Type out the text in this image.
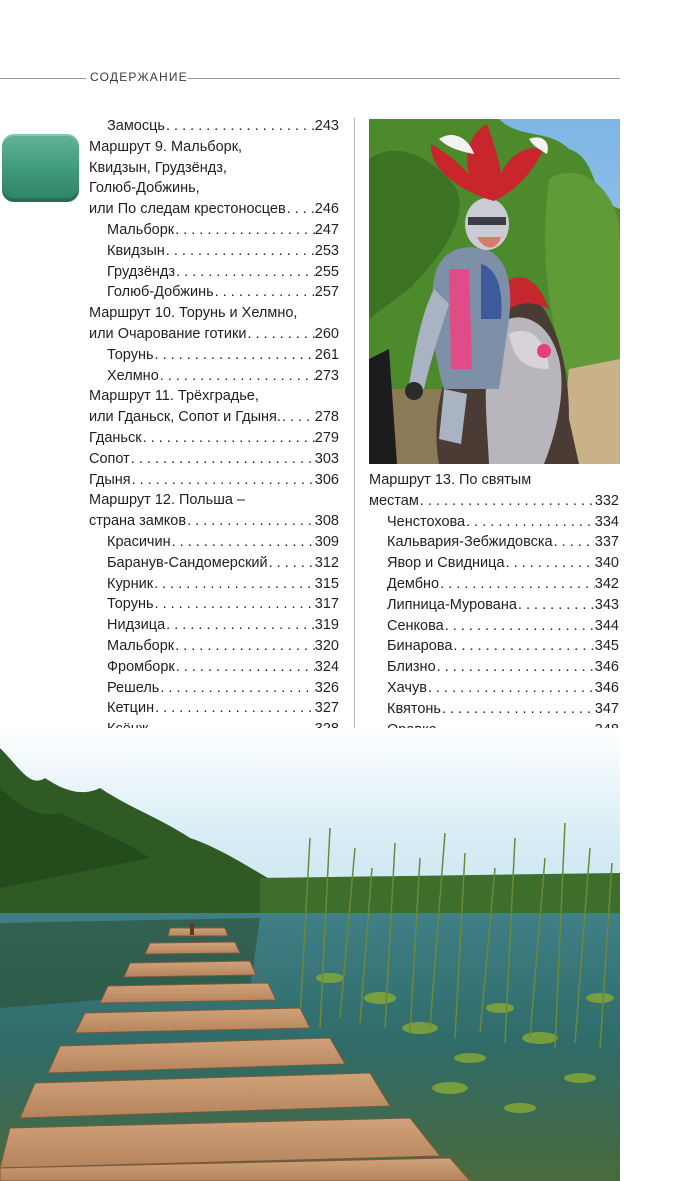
СОДЕРЖАНИЕ
Замосць . . .	243
Маршрут 9. Мальборк,
Квидзын, Грудзёндз,
Голюб-Добжинь,
или По следам крестоносцев . . . 246
Мальборк . . .	247
Квидзын . . .	253
Грудзёндз . . .	255
Голюб-Добжинь . . .	257
Маршрут 10. Торунь и Хелмно,
или Очарование готики . . .	260
Торунь . . .	261
Хелмно . . .	273
Маршрут 11. Трёхградье,
или Гданьск, Сопот и Гдыня. . . . 278
Гданьск . . .	279
Сопот . . .	303
Гдыня . . .	306
Маршрут 12. Польша –
страна замков . . .	308
Красичин . . .	309
Баранув-Сандомерский . . .	312
Курник . . .	315
Торунь . . .	317
Нидзица . . .	319
Мальборк . . .	320
Фромборк . . .	324
Решель . . .	326
Кетцин . . .	327
. . .
. . .
Маршрут 13. По святым
местам . . .	332
Ченстохова . . .	334
Кальвария-Зебжидовска . . .	337
Явор и Свидница . . .	340
Дембно . . .	342
Липница-Мурована . . .	343
Сенкова . . .	344
Бинарова . . .	345
Близно . . .	346
Хачув . . .	346
Квятонь . . .	347
. . .
. . .
